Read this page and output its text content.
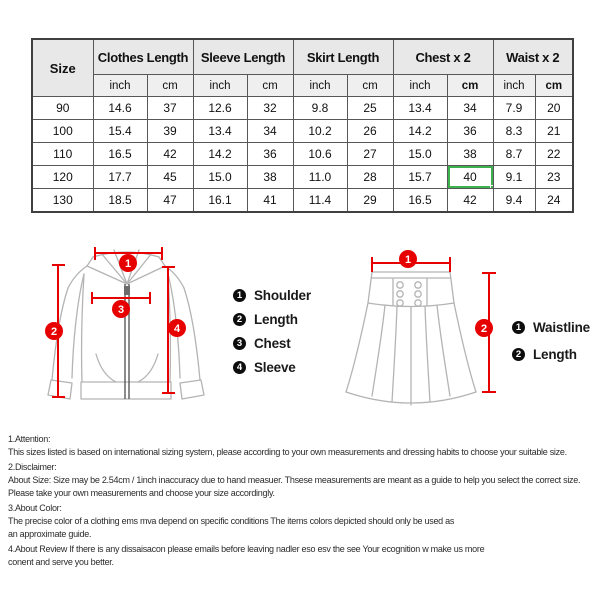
Size	Clothes Length		Sleeve Length		Skirt Length		Chest x 2		Waist x 2	
	inch	cm	inch	cm	inch	cm	inch	cm	inch	cm
90	14.6	37	12.6	32	9.8	25	13.4	34	7.9	20
100	15.4	39	13.4	34	10.2	26	14.2	36	8.3	21
110	16.5	42	14.2	36	10.6	27	15.0	38	8.7	22
120	17.7	45	15.0	38	11.0	28	15.7	40	9.1	23
130	18.5	47	16.1	41	11.4	29	16.5	42	9.4	24
1
2
3
4
1 Shoulder
2 Length
3 Chest
4 Sleeve
1
2	1 Waistline
2 Length
1.Attention:
This sizes listed is based on international sizing system, please according to your own measurements and dressing habits to choose your suitable size.
2.Disclaimer:
About Size: Size may be 2.54cm / 1inch inaccuracy due to hand measuer. Thsese measurements are meant as a guide to help you select the correct size.
Please take your own measurements and choose your size accordingly.
3.About Color:
The precise color of a clothing ems mva depend on specific conditions The items colors depicted should only be used as
an approximate guide.
4.About Review If there is any dissaisacon please emails before leaving nadler eso esv the see Your ecognition w make us more
conent and serve you better.
